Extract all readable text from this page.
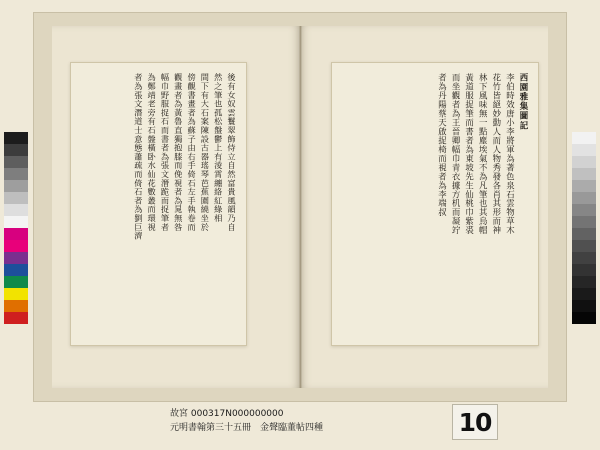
後有女奴雲鬟翠飾侍立自然富貴風韻乃自
然之筆也孤松盤鬱上有淩霄纏絡紅綠相
間下有大石案陳設古器瑤琴芭蕉圍繞坐於
傍觀書畫者為蘇子由右手倚石左手執卷而
觀畫者為黃魯直獨抱膝而俛視者為晁無咎
幅巾野服捉石而書者為張文潛跪而捉筆者
為鄭靖老旁有石盤橫卧水仙花數叢而環視
者為張文潛道士意態蕭疏而倚石者為劉巨濟	西園雅集圖記
李伯時效唐小李將軍為著色泉石雲物草木
花竹皆絕妙動人而人物秀發各肖其形而神
林下風味無一點塵埃氣不為凡筆也其烏帽
黃道服捉筆而書者為東坡先生仙桃巾紫裘
而坐觀者為王晉卿幅巾青衣據方机而凝竚
者為丹陽蔡天啟捉椅而視者為李端叔
故宮 000317N000000000
元明書翰第三十五冊　金聲臨董帖四種	10
